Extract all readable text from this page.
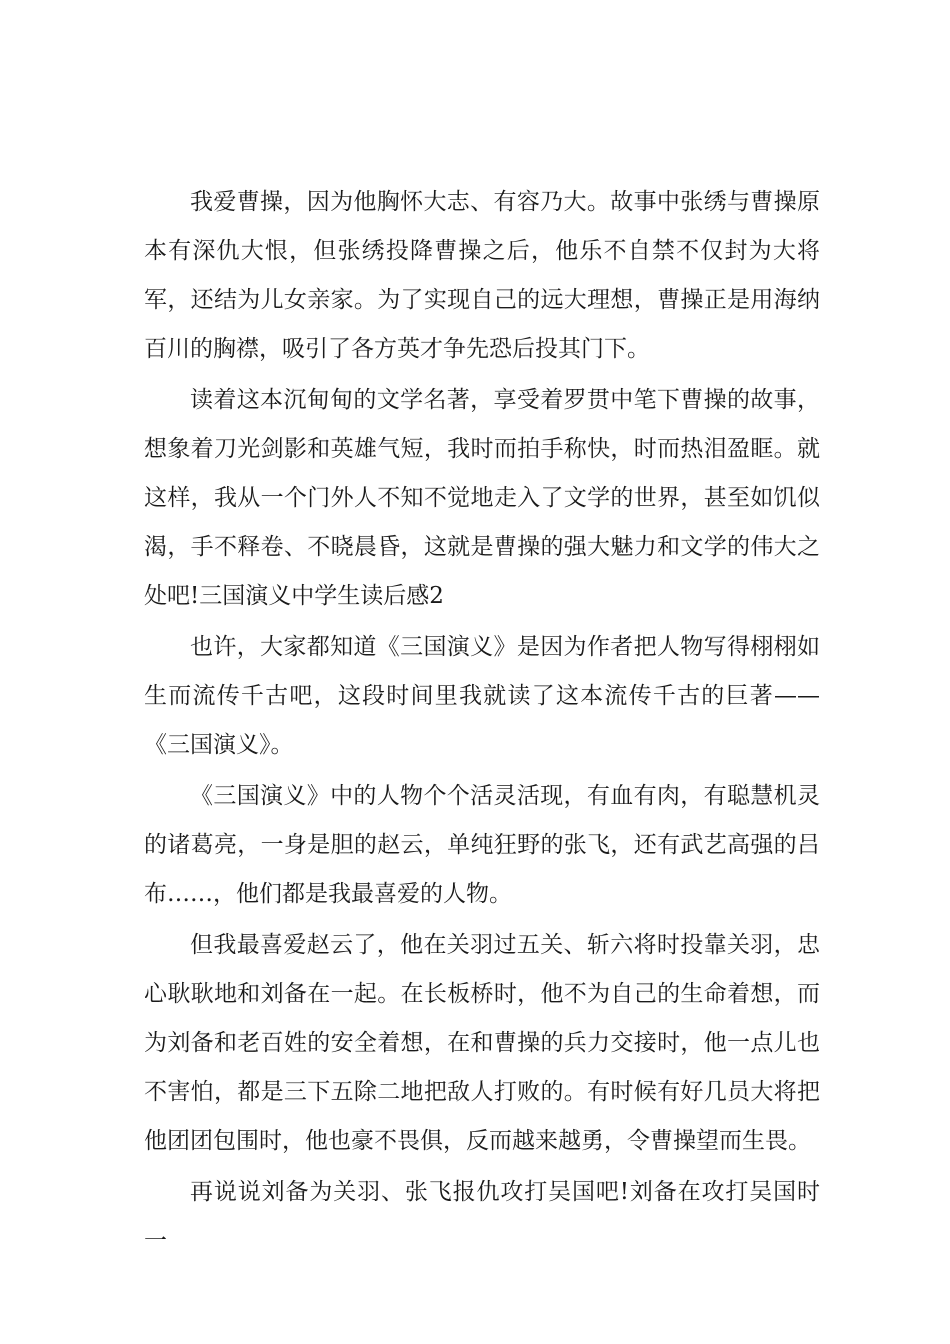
我爱曹操，因为他胸怀大志、有容乃大。故事中张绣与曹操原本有深仇大恨，但张绣投降曹操之后，他乐不自禁不仅封为大将军，还结为儿女亲家。为了实现自己的远大理想，曹操正是用海纳百川的胸襟，吸引了各方英才争先恐后投其门下。

读着这本沉甸甸的文学名著，享受着罗贯中笔下曹操的故事，想象着刀光剑影和英雄气短，我时而拍手称快，时而热泪盈眶。就这样，我从一个门外人不知不觉地走入了文学的世界，甚至如饥似渴，手不释卷、不晓晨昏，这就是曹操的强大魅力和文学的伟大之处吧!三国演义中学生读后感2

也许，大家都知道《三国演义》是因为作者把人物写得栩栩如生而流传千古吧，这段时间里我就读了这本流传千古的巨著——《三国演义》。

《三国演义》中的人物个个活灵活现，有血有肉，有聪慧机灵的诸葛亮，一身是胆的赵云，单纯狂野的张飞，还有武艺高强的吕布……，他们都是我最喜爱的人物。

但我最喜爱赵云了，他在关羽过五关、斩六将时投靠关羽，忠心耿耿地和刘备在一起。在长板桥时，他不为自己的生命着想，而为刘备和老百姓的安全着想，在和曹操的兵力交接时，他一点儿也不害怕，都是三下五除二地把敌人打败的。有时候有好几员大将把他团团包围时，他也豪不畏俱，反而越来越勇，令曹操望而生畏。

再说说刘备为关羽、张飞报仇攻打吴国吧!刘备在攻打吴国时一
